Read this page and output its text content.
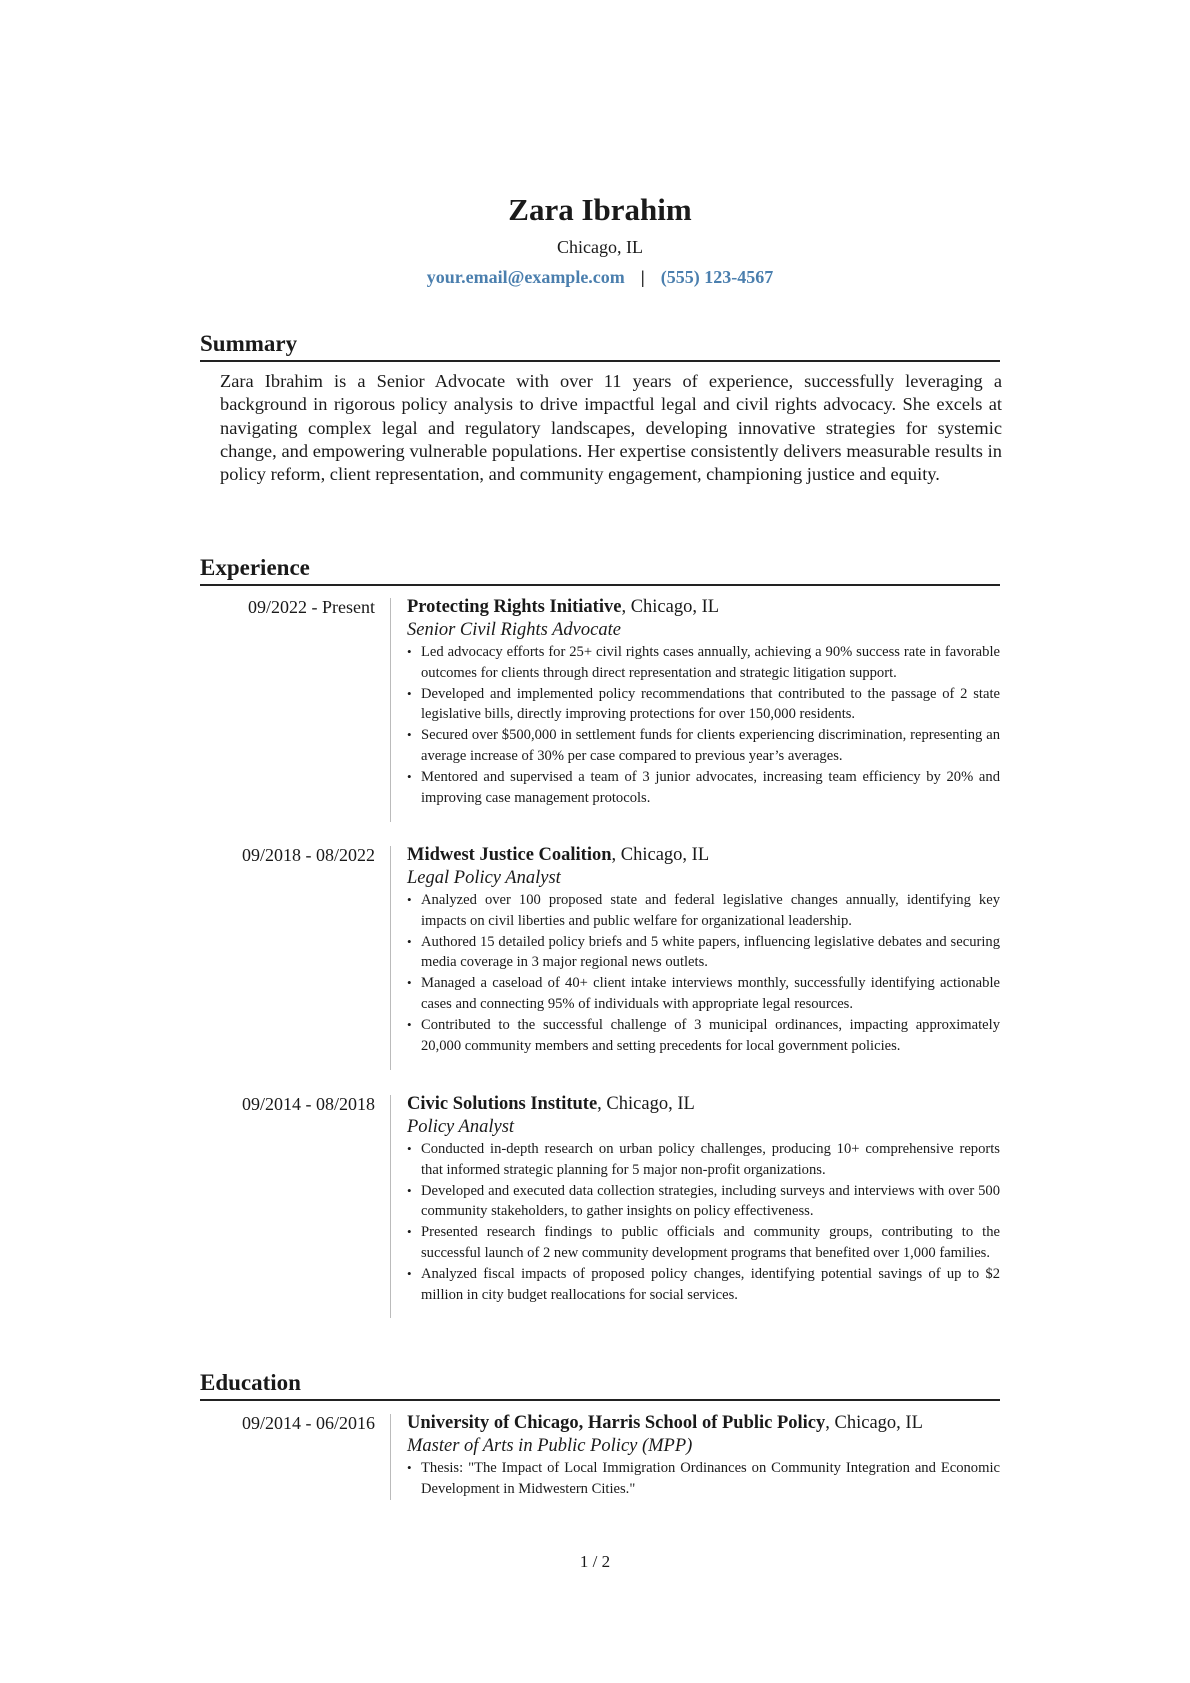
Zara Ibrahim
Chicago, IL
your.email@example.com | (555) 123-4567
Summary
Zara Ibrahim is a Senior Advocate with over 11 years of experience, successfully leveraging a background in rigorous policy analysis to drive impactful legal and civil rights advocacy. She excels at navigating complex legal and regulatory landscapes, developing innovative strategies for systemic change, and empowering vulnerable populations. Her expertise consistently delivers measurable results in policy reform, client representation, and community engagement, championing justice and equity.
Experience
09/2022 - Present Protecting Rights Initiative, Chicago, IL
Senior Civil Rights Advocate
• Led advocacy efforts for 25+ civil rights cases annually, achieving a 90% success rate in favorable outcomes for clients through direct representation and strategic litigation support.
• Developed and implemented policy recommendations that contributed to the passage of 2 state legislative bills, directly improving protections for over 150,000 residents.
• Secured over $500,000 in settlement funds for clients experiencing discrimination, representing an average increase of 30% per case compared to previous year’s averages.
• Mentored and supervised a team of 3 junior advocates, increasing team efficiency by 20% and improving case management protocols.
09/2018 - 08/2022 Midwest Justice Coalition, Chicago, IL
Legal Policy Analyst
• Analyzed over 100 proposed state and federal legislative changes annually, identifying key impacts on civil liberties and public welfare for organizational leadership.
• Authored 15 detailed policy briefs and 5 white papers, influencing legislative debates and securing media coverage in 3 major regional news outlets.
• Managed a caseload of 40+ client intake interviews monthly, successfully identifying actionable cases and connecting 95% of individuals with appropriate legal resources.
• Contributed to the successful challenge of 3 municipal ordinances, impacting approximately 20,000 community members and setting precedents for local government policies.
09/2014 - 08/2018 Civic Solutions Institute, Chicago, IL
Policy Analyst
• Conducted in-depth research on urban policy challenges, producing 10+ comprehensive reports that informed strategic planning for 5 major non-profit organizations.
• Developed and executed data collection strategies, including surveys and interviews with over 500 community stakeholders, to gather insights on policy effectiveness.
• Presented research findings to public officials and community groups, contributing to the successful launch of 2 new community development programs that benefited over 1,000 families.
• Analyzed fiscal impacts of proposed policy changes, identifying potential savings of up to $2 million in city budget reallocations for social services.
Education
09/2014 - 06/2016 University of Chicago, Harris School of Public Policy, Chicago, IL
Master of Arts in Public Policy (MPP)
• Thesis: "The Impact of Local Immigration Ordinances on Community Integration and Economic Development in Midwestern Cities."
1 / 2
